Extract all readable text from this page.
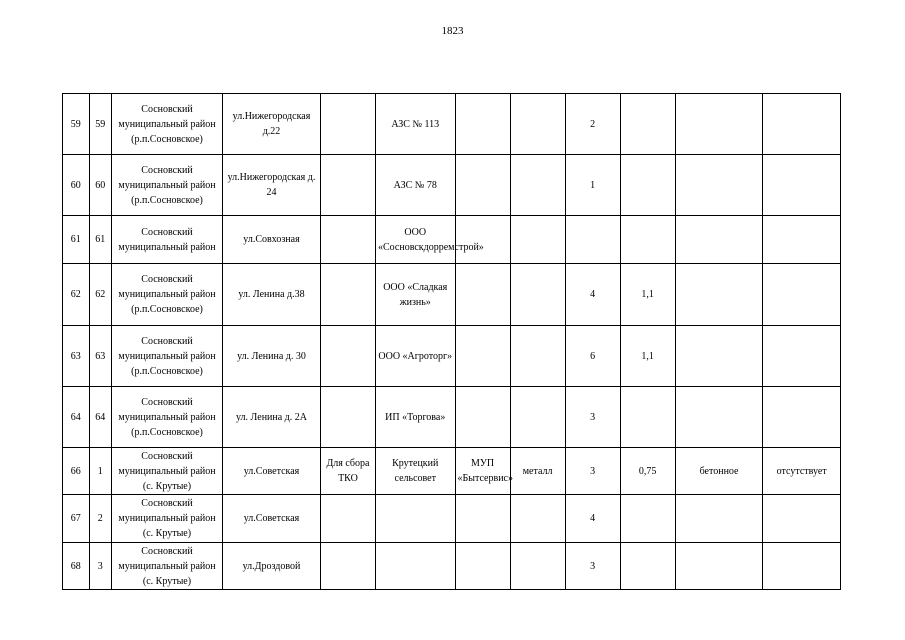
1823
59	59	Сосновский муниципальный район (р.п.Сосновское)	ул.Нижегородская д.22		АЗС № 113			2			
60	60	Сосновский муниципальный район (р.п.Сосновское)	ул.Нижегородская д. 24		АЗС № 78			1			
61	61	Сосновский муниципальный район	ул.Совхозная		ООО «Сосновскдорремстрой»						
62	62	Сосновский муниципальный район (р.п.Сосновское)	ул. Ленина д.38		ООО «Сладкая жизнь»			4	1,1		
63	63	Сосновский муниципальный район (р.п.Сосновское)	ул. Ленина д. 30		ООО «Агроторг»			6	1,1		
64	64	Сосновский муниципальный район (р.п.Сосновское)	ул. Ленина д. 2А		ИП «Торгова»			3			
66	1	Сосновский муниципальный район (с. Крутые)	ул.Советская	Для сбора ТКО	Крутецкий сельсовет	МУП «Бытсервис»	металл	3	0,75	бетонное	отсутствует
67	2	Сосновский муниципальный район (с. Крутые)	ул.Советская					4			
68	3	Сосновский муниципальный район (с. Крутые)	ул.Дроздовой					3			
